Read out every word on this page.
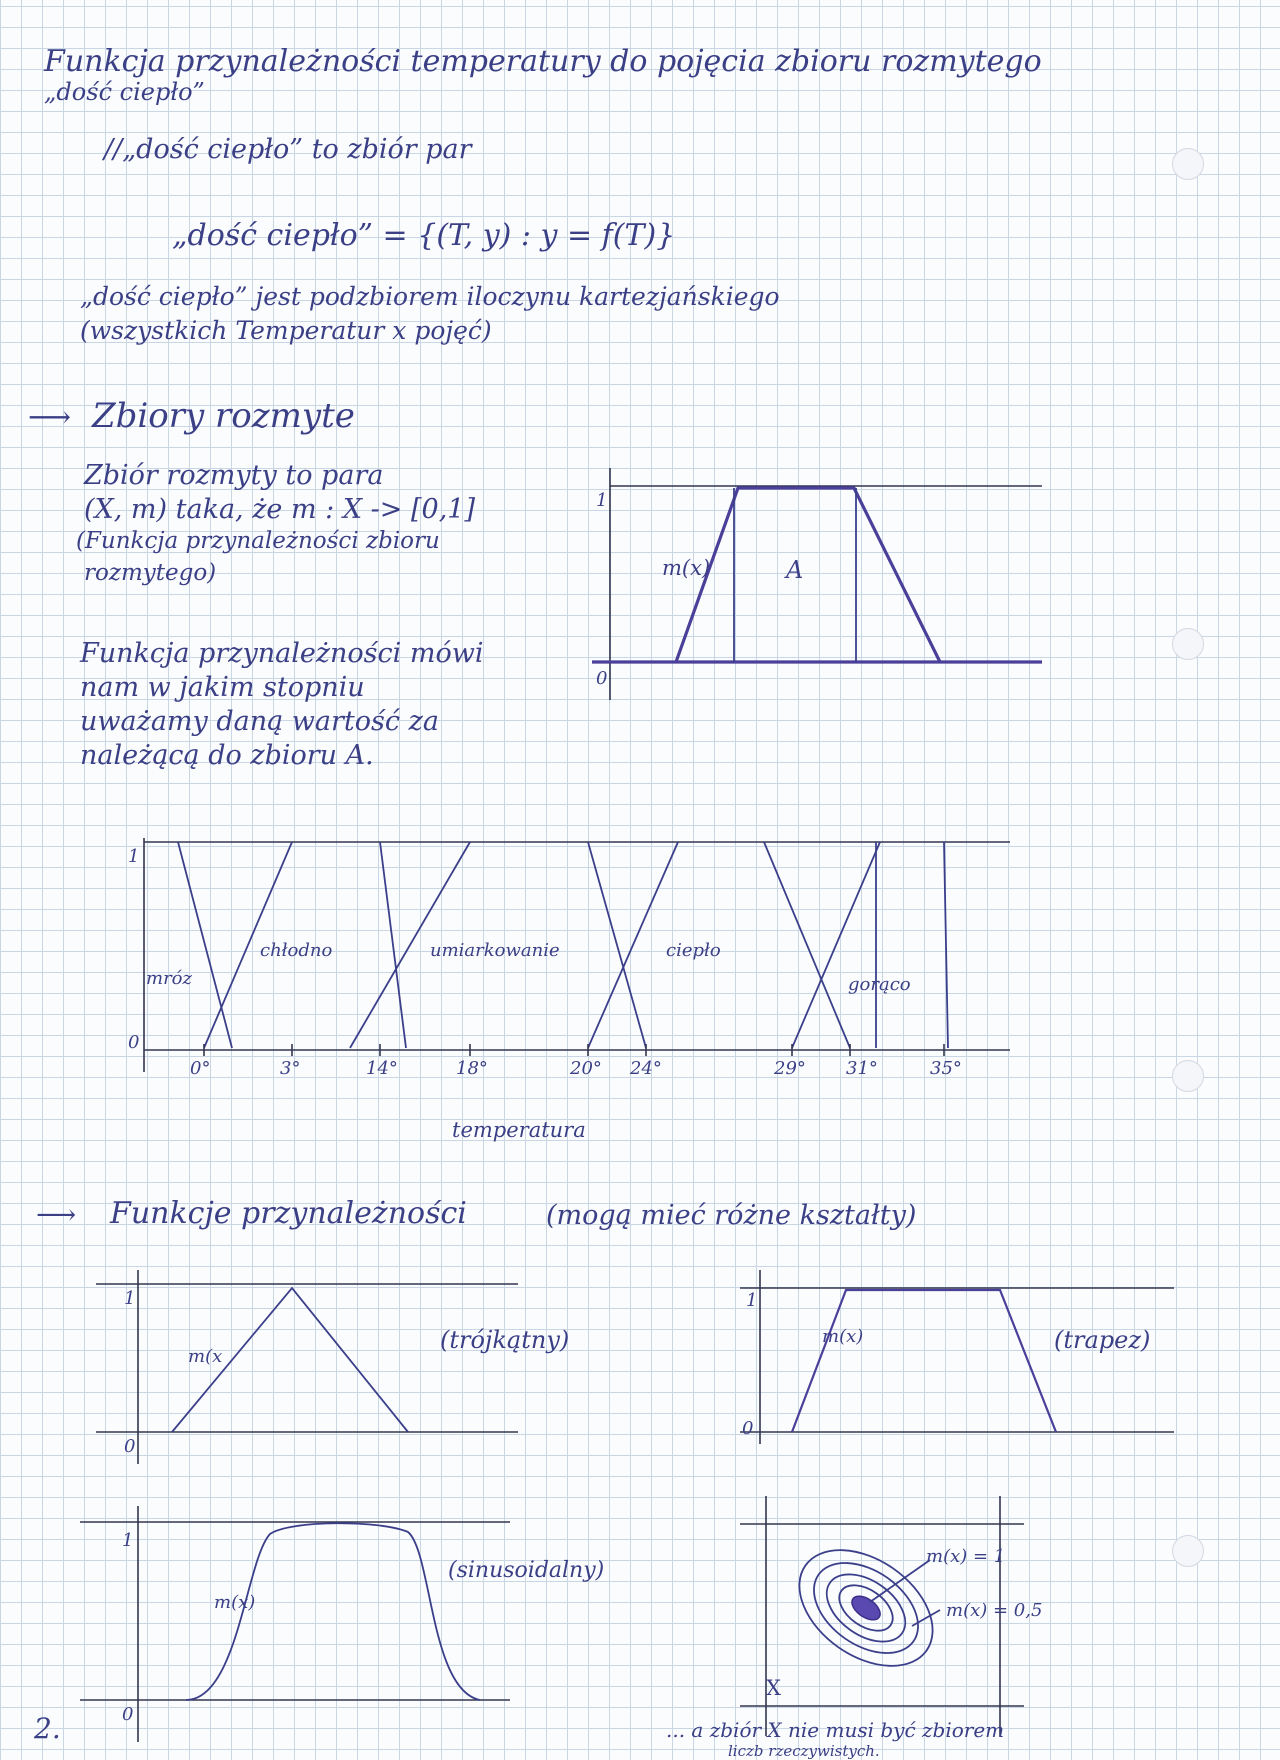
Funkcja przynależności temperatury do pojęcia zbioru rozmytego
„dość ciepło”
//„dość ciepło” to zbiór par
„dość ciepło” = {(T, y) : y = f(T)}
„dość ciepło” jest podzbiorem iloczynu kartezjańskiego
(wszystkich Temperatur x pojęć)
⟶ Zbiory rozmyte
Zbiór rozmyty to para
(X, m) taka, że m : X -> [0,1]
(Funkcja przynależności zbioru
rozmytego)
Funkcja przynależności mówi
nam w jakim stopniu
uważamy daną wartość za
należącą do zbioru A.
1
0
m(x)	A
1
0
0°	3°	14°	18°	20° 24°	29° 31°	35°
mróz
chłodno	umiarkowanie	ciepło
gorąco
temperatura
⟶ Funkcje przynależności	(mogą mieć różne kształty)
1
0
m(x
(trójkątny)
1
0
m(x)	(trapez)
1
0
m(x)
(sinusoidalny)
m(x) = 1
m(x) = 0,5
X
2.	... a zbiór X nie musi być zbiorem
liczb rzeczywistych.
